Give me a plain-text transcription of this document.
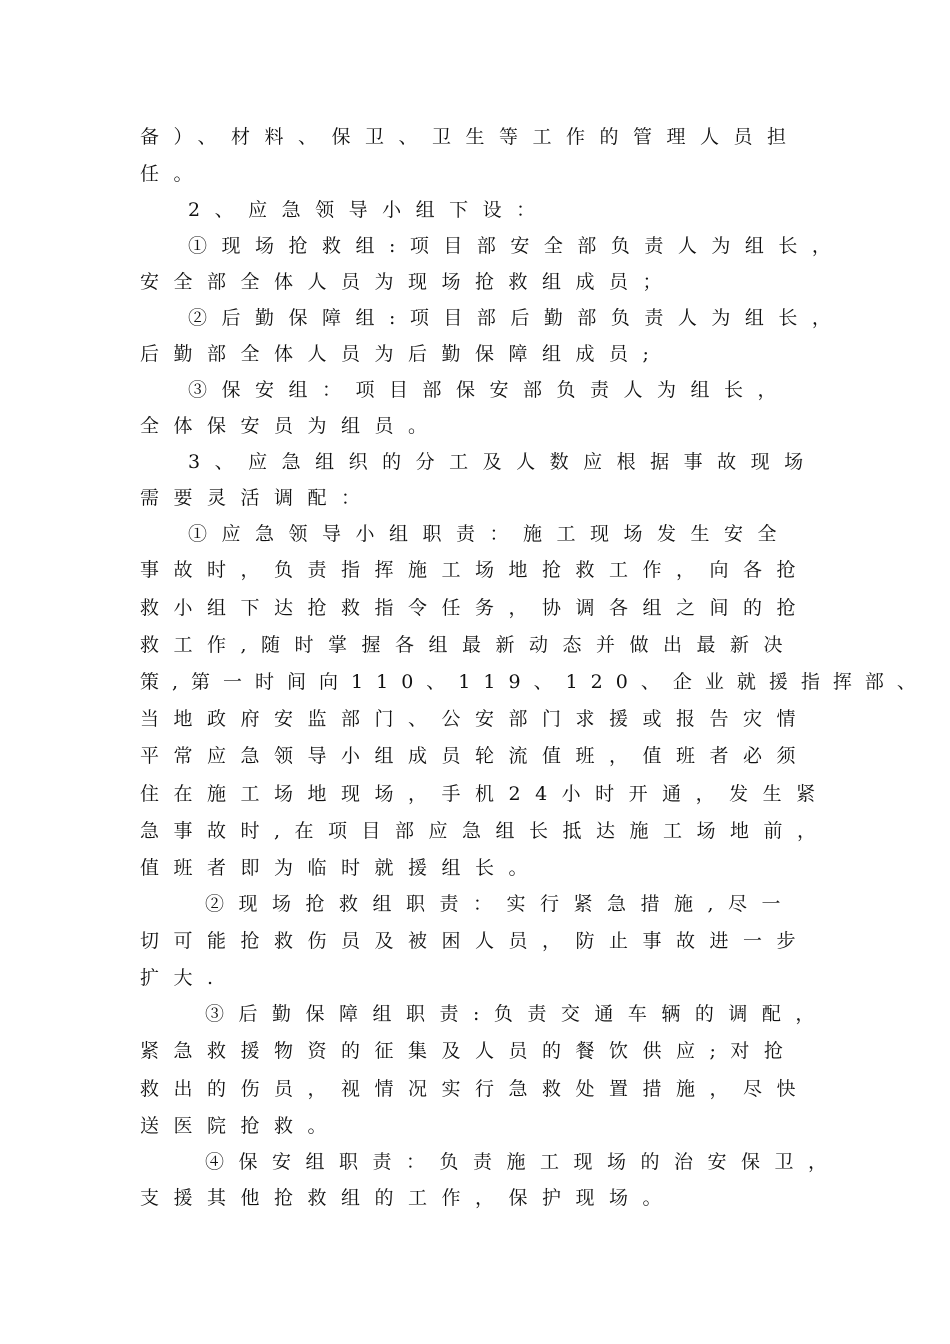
备）、材料、保卫、卫生等工作的管理人员担
任。
2、应急领导小组下设：
①现场抢救组:项目部安全部负责人为组长，
安全部全体人员为现场抢救组成员；
②后勤保障组:项目部后勤部负责人为组长，
后勤部全体人员为后勤保障组成员;
③保安组：项目部保安部负责人为组长，
全体保安员为组员。
3、应急组织的分工及人数应根据事故现场
需要灵活调配：
①应急领导小组职责：施工现场发生安全
事故时，负责指挥施工场地抢救工作，向各抢
救小组下达抢救指令任务，协调各组之间的抢
救工作,随时掌握各组最新动态并做出最新决
策,第一时间向110、119、120、企业就援指挥部、
当地政府安监部门、公安部门求援或报告灾情
平常应急领导小组成员轮流值班，值班者必须
住在施工场地现场，手机24小时开通，发生紧
急事故时,在项目部应急组长抵达施工场地前，
值班者即为临时就援组长。
②现场抢救组职责：实行紧急措施,尽一
切可能抢救伤员及被困人员，防止事故进一步
扩大.
③后勤保障组职责:负责交通车辆的调配，
紧急救援物资的征集及人员的餐饮供应;对抢
救出的伤员，视情况实行急救处置措施，尽快
送医院抢救。
④保安组职责：负责施工现场的治安保卫，
支援其他抢救组的工作，保护现场。
